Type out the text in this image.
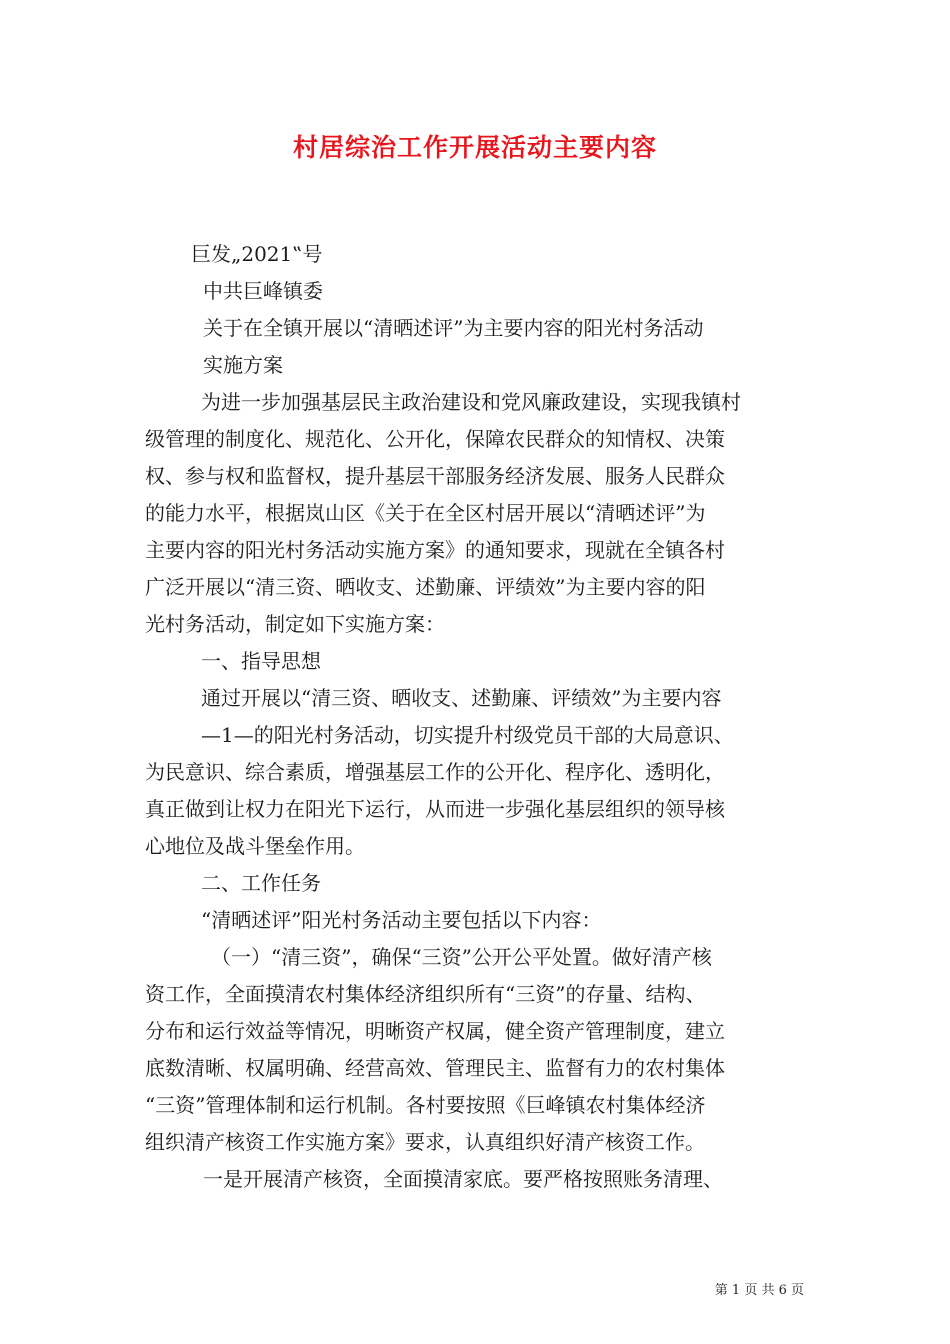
村居综治工作开展活动主要内容
巨发„2021‟号
中共巨峰镇委
关于在全镇开展以“清晒述评”为主要内容的阳光村务活动
实施方案
为进一步加强基层民主政治建设和党风廉政建设，实现我镇村
级管理的制度化、规范化、公开化，保障农民群众的知情权、决策
权、参与权和监督权，提升基层干部服务经济发展、服务人民群众
的能力水平，根据岚山区《关于在全区村居开展以“清晒述评”为
主要内容的阳光村务活动实施方案》的通知要求，现就在全镇各村
广泛开展以“清三资、晒收支、述勤廉、评绩效”为主要内容的阳
光村务活动，制定如下实施方案：
一、指导思想
通过开展以“清三资、晒收支、述勤廉、评绩效”为主要内容
—1—的阳光村务活动，切实提升村级党员干部的大局意识、
为民意识、综合素质，增强基层工作的公开化、程序化、透明化，
真正做到让权力在阳光下运行，从而进一步强化基层组织的领导核
心地位及战斗堡垒作用。
二、工作任务
“清晒述评”阳光村务活动主要包括以下内容：
（一）“清三资”，确保“三资”公开公平处置。做好清产核
资工作，全面摸清农村集体经济组织所有“三资”的存量、结构、
分布和运行效益等情况，明晰资产权属，健全资产管理制度，建立
底数清晰、权属明确、经营高效、管理民主、监督有力的农村集体
“三资”管理体制和运行机制。各村要按照《巨峰镇农村集体经济
组织清产核资工作实施方案》要求，认真组织好清产核资工作。
一是开展清产核资，全面摸清家底。要严格按照账务清理、
第 1 页 共 6 页
